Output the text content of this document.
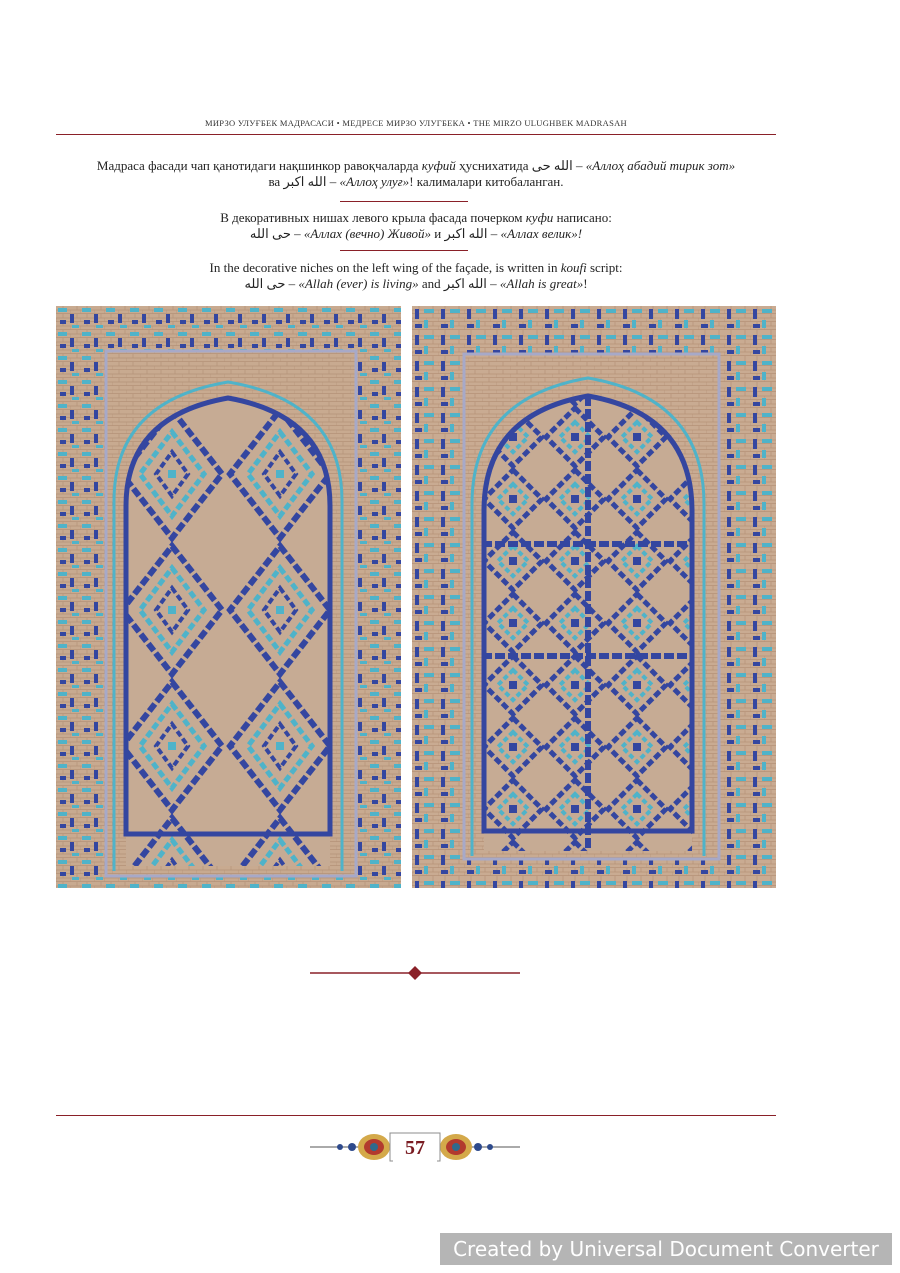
МИРЗО УЛУҒБЕК МАДРАСАСИ • МЕДРЕСЕ МИРЗО УЛУГБЕКА • THE MIRZO ULUGHBEK MADRASAH
Мадраса фасади чап қанотидаги нақшинкор равоқчаларда куфий ҳуснихатида الله حى – «Аллоҳ абадий тирик зот»
ва الله اكبر – «Аллоҳ улуғ»! калималари китобаланган.
В декоративных нишах левого крыла фасада почерком куфи написано:
حى الله – «Аллах (вечно) Живой» и الله اكبر – «Аллах велик»!
In the decorative niches on the left wing of the façade, is written in koufi script:
حى الله – «Allah (ever) is living» and الله اكبر – «Allah is great»!
57
Created by Universal Document Converter
